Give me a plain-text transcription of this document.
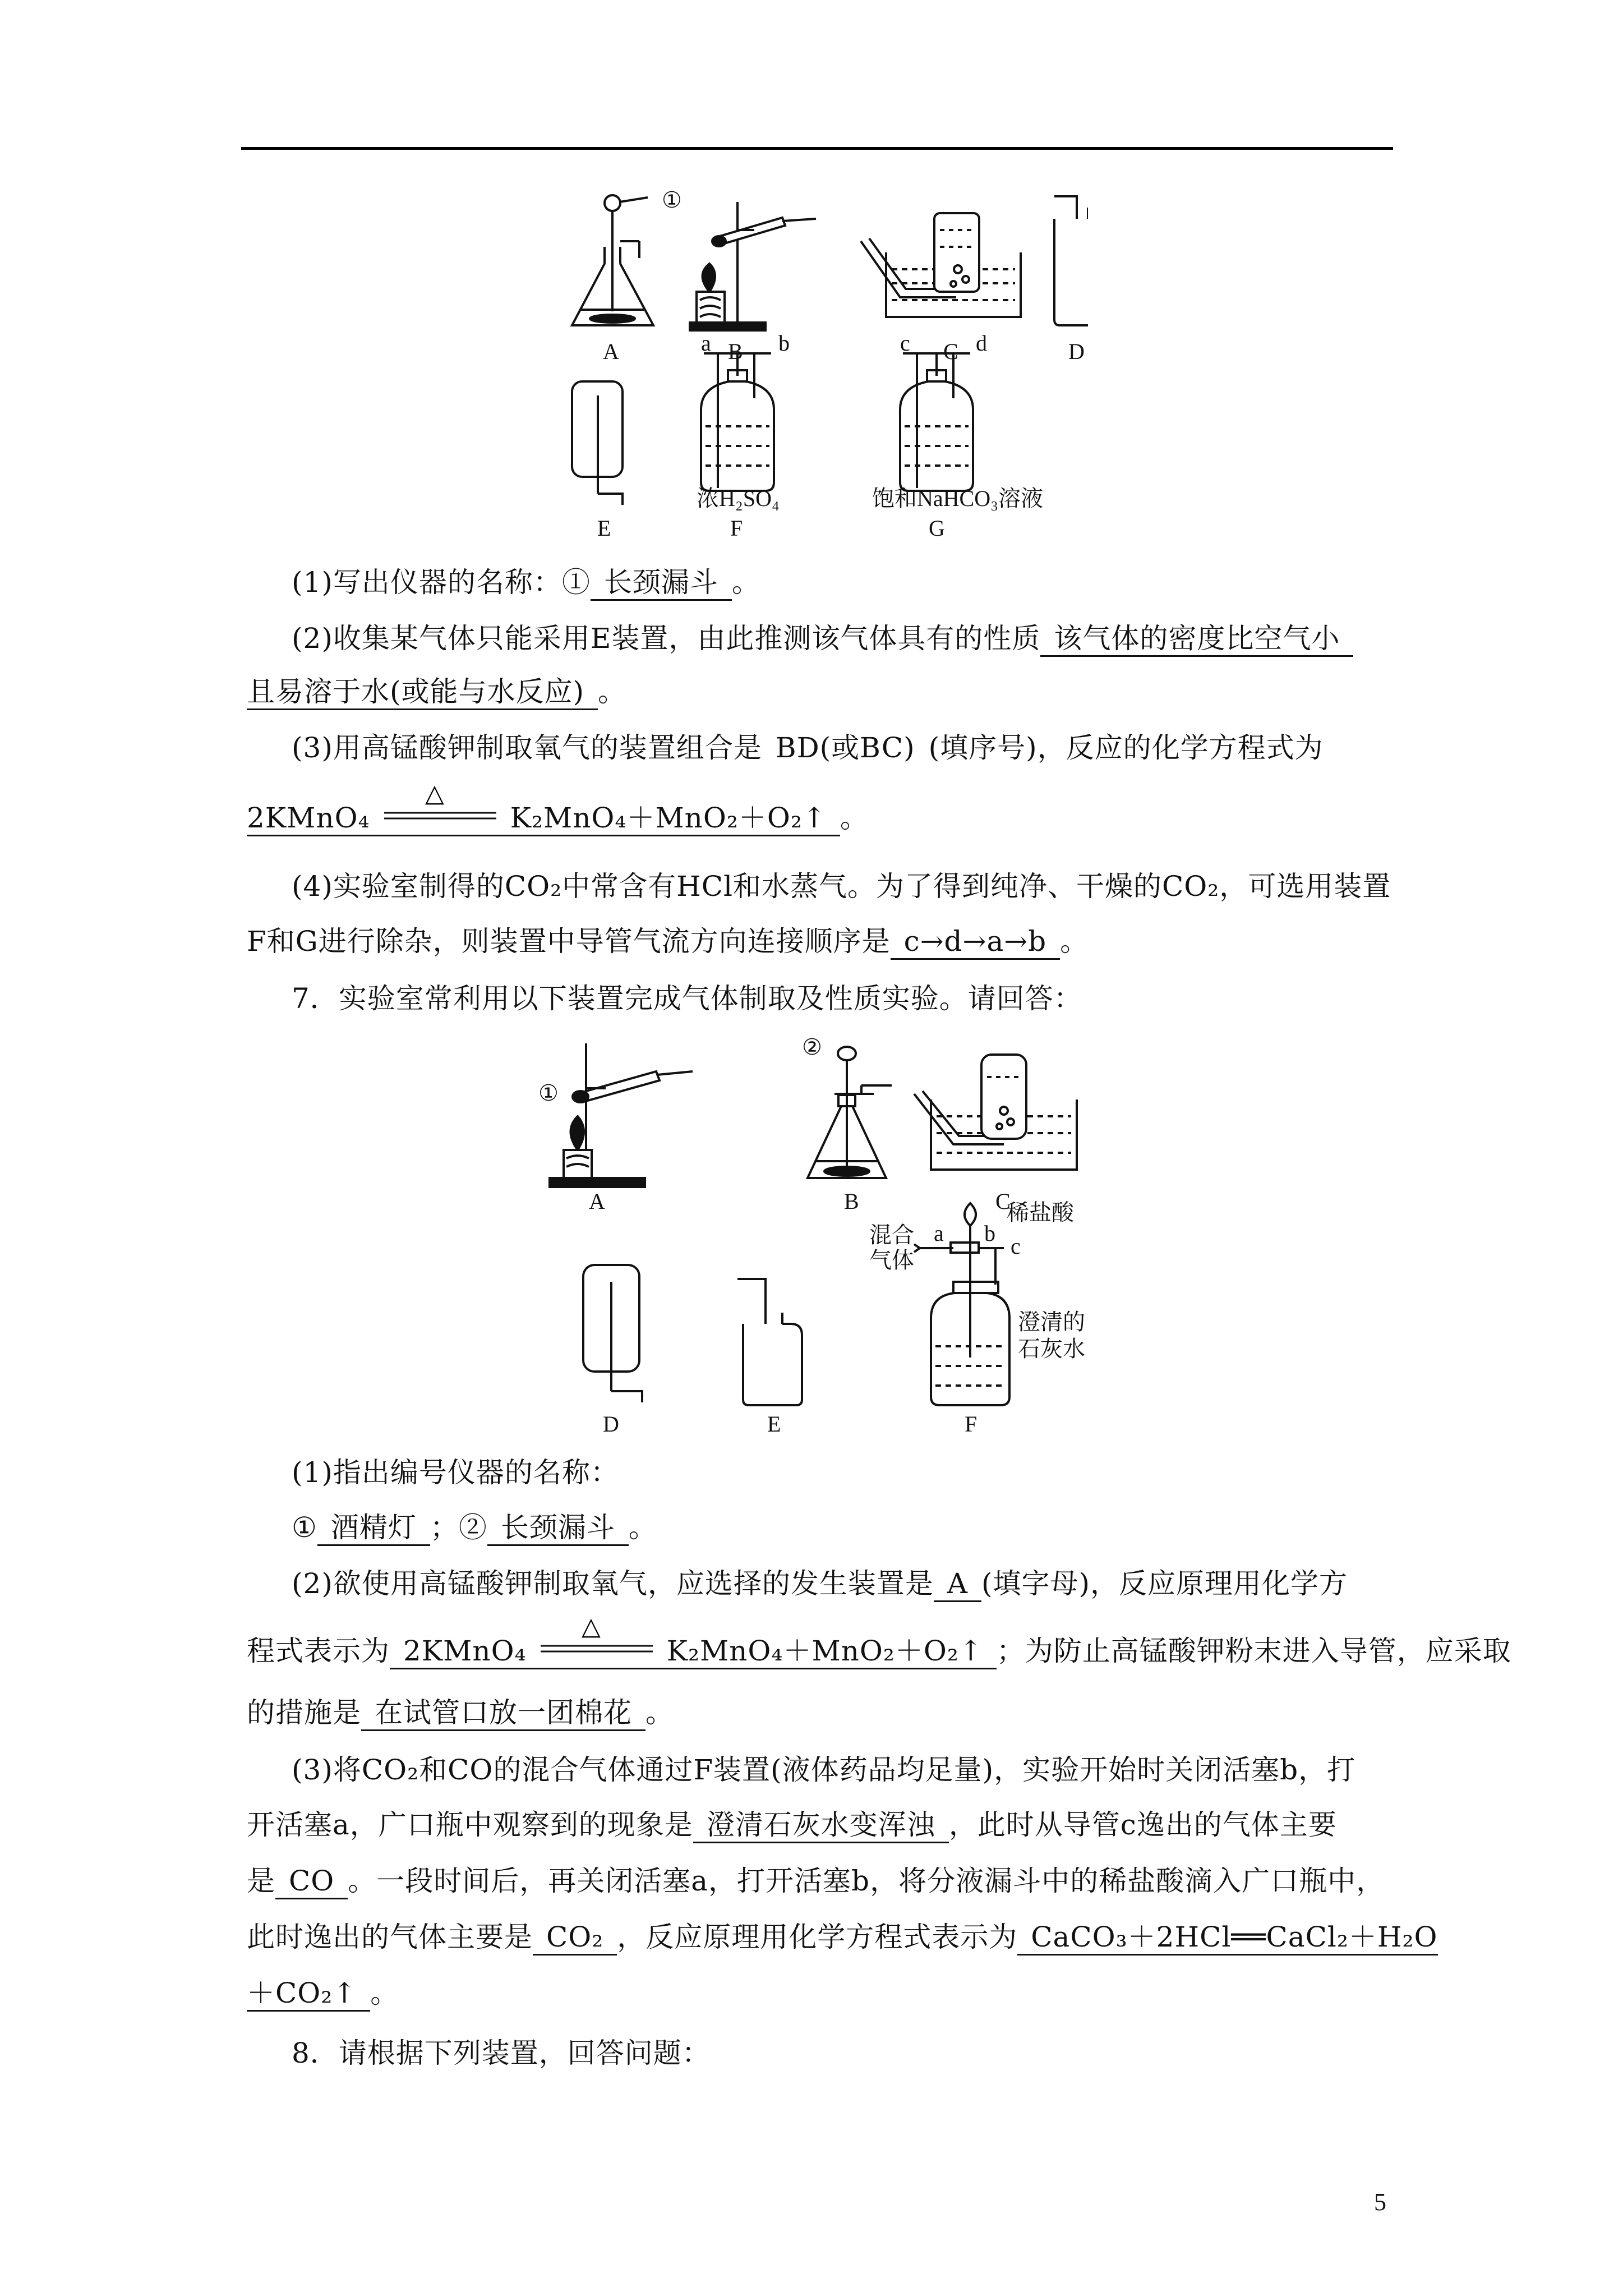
①
A	B	C	D
a	b	c	d
E
浓H₂SO₄
F
饱和NaHCO₃溶液
G
(1)写出仪器的名称：① 长颈漏斗 。
(2)收集某气体只能采用E装置，由此推测该气体具有的性质 该气体的密度比空气小
且易溶于水(或能与水反应) 。
(3)用高锰酸钾制取氧气的装置组合是 BD(或BC) (填序号)，反应的化学方程式为
2KMnO₄
△
K₂MnO₄＋MnO₂＋O₂↑ 。
(4)实验室制得的CO₂中常含有HCl和水蒸气。为了得到纯净、干燥的CO₂，可选用装置
F和G进行除杂，则装置中导管气流方向连接顺序是 c→d→a→b 。
7．实验室常利用以下装置完成气体制取及性质实验。请回答：
①
②
A	B	C
D	E	F
混合
气体
a b
c
稀盐酸
澄清的
石灰水
(1)指出编号仪器的名称：
① 酒精灯 ；② 长颈漏斗 。
(2)欲使用高锰酸钾制取氧气，应选择的发生装置是 A (填字母)，反应原理用化学方
程式表示为 2KMnO₄
△
K₂MnO₄＋MnO₂＋O₂↑ ；为防止高锰酸钾粉末进入导管，应采取
的措施是 在试管口放一团棉花 。
(3)将CO₂和CO的混合气体通过F装置(液体药品均足量)，实验开始时关闭活塞b，打
开活塞a，广口瓶中观察到的现象是 澄清石灰水变浑浊 ，此时从导管c逸出的气体主要
是 CO 。一段时间后，再关闭活塞a，打开活塞b，将分液漏斗中的稀盐酸滴入广口瓶中，
此时逸出的气体主要是 CO₂ ，反应原理用化学方程式表示为 CaCO₃＋2HCl══CaCl₂＋H₂O
＋CO₂↑ 。
8．请根据下列装置，回答问题：
5
